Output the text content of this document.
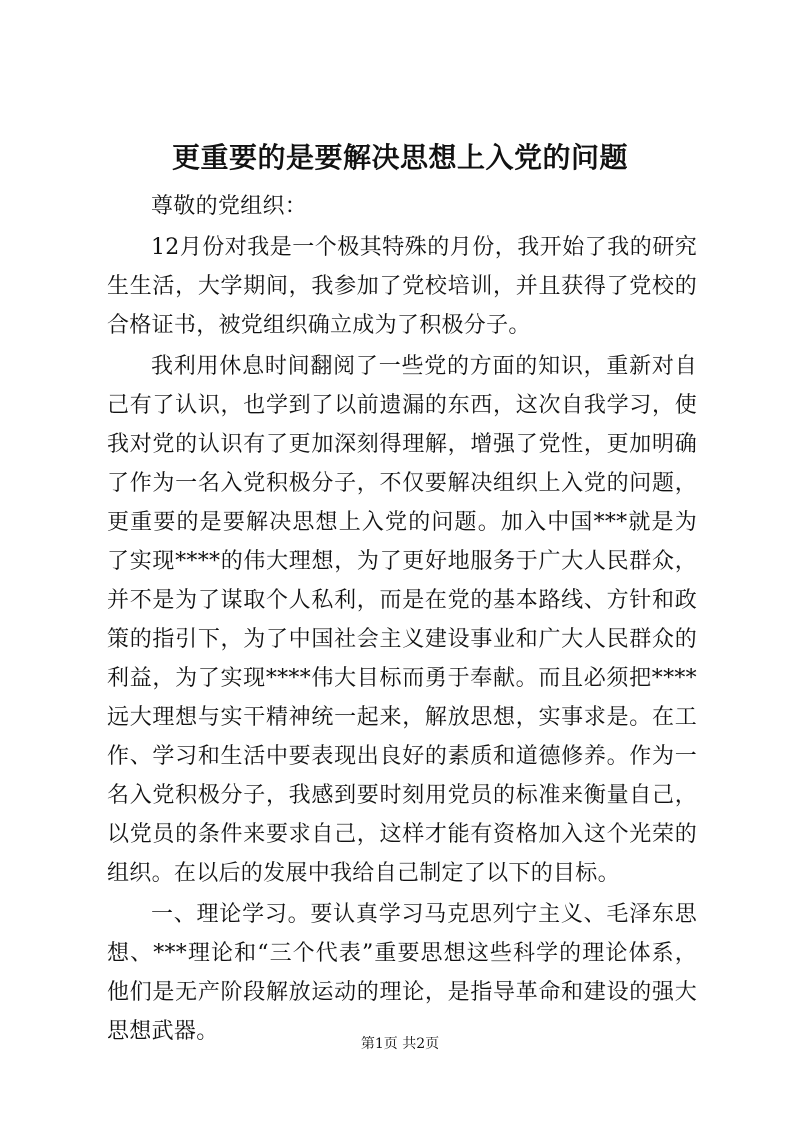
更重要的是要解决思想上入党的问题

尊敬的党组织：

12月份对我是一个极其特殊的月份，我开始了我的研究生生活，大学期间，我参加了党校培训，并且获得了党校的合格证书，被党组织确立成为了积极分子。

我利用休息时间翻阅了一些党的方面的知识，重新对自己有了认识，也学到了以前遗漏的东西，这次自我学习，使我对党的认识有了更加深刻得理解，增强了党性，更加明确了作为一名入党积极分子，不仅要解决组织上入党的问题，更重要的是要解决思想上入党的问题。加入中国***就是为了实现****的伟大理想，为了更好地服务于广大人民群众，并不是为了谋取个人私利，而是在党的基本路线、方针和政策的指引下，为了中国社会主义建设事业和广大人民群众的利益，为了实现****伟大目标而勇于奉献。而且必须把****远大理想与实干精神统一起来，解放思想，实事求是。在工作、学习和生活中要表现出良好的素质和道德修养。作为一名入党积极分子，我感到要时刻用党员的标准来衡量自己，以党员的条件来要求自己，这样才能有资格加入这个光荣的组织。在以后的发展中我给自己制定了以下的目标。

一、理论学习。要认真学习马克思列宁主义、毛泽东思想、***理论和“三个代表”重要思想这些科学的理论体系，他们是无产阶段解放运动的理论，是指导革命和建设的强大思想武器。	第1页 共2页
